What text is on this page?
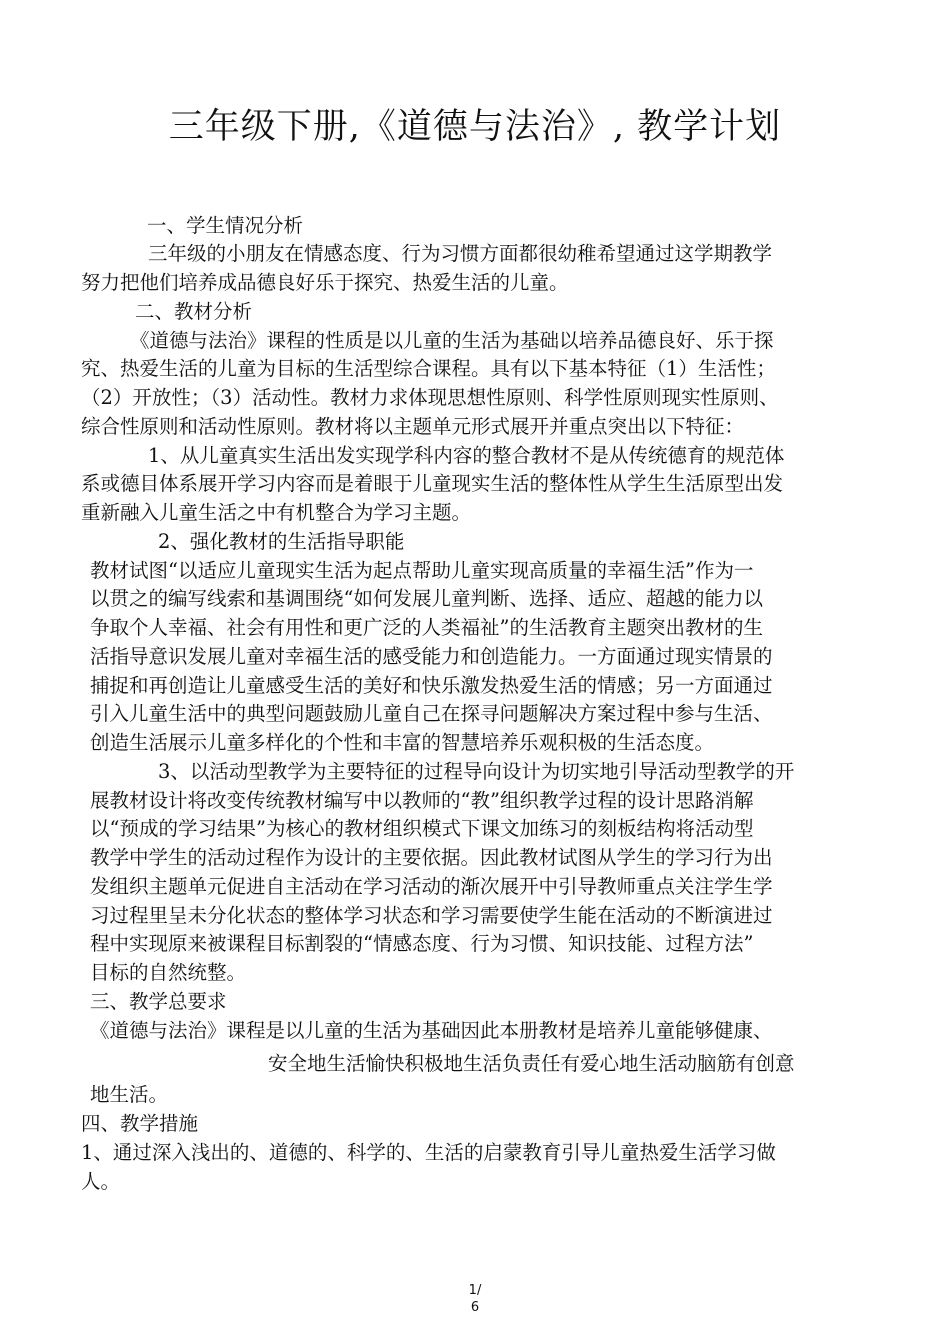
三年级下册,《道德与法治》, 教学计划
一、学生情况分析
三年级的小朋友在情感态度、行为习惯方面都很幼稚希望通过这学期教学
努力把他们培养成品德良好乐于探究、热爱生活的儿童。
二、教材分析
《道德与法治》课程的性质是以儿童的生活为基础以培养品德良好、乐于探
究、热爱生活的儿童为目标的生活型综合课程。具有以下基本特征（1）生活性；
（2）开放性；（3）活动性。教材力求体现思想性原则、科学性原则现实性原则、
综合性原则和活动性原则。教材将以主题单元形式展开并重点突出以下特征：
1、从儿童真实生活出发实现学科内容的整合教材不是从传统德育的规范体
系或德目体系展开学习内容而是着眼于儿童现实生活的整体性从学生生活原型出发
重新融入儿童生活之中有机整合为学习主题。
2、强化教材的生活指导职能
教材试图“以适应儿童现实生活为起点帮助儿童实现高质量的幸福生活”作为一
以贯之的编写线索和基调围绕“如何发展儿童判断、选择、适应、超越的能力以
争取个人幸福、社会有用性和更广泛的人类福祉”的生活教育主题突出教材的生
活指导意识发展儿童对幸福生活的感受能力和创造能力。一方面通过现实情景的
捕捉和再创造让儿童感受生活的美好和快乐激发热爱生活的情感；另一方面通过
引入儿童生活中的典型问题鼓励儿童自己在探寻问题解决方案过程中参与生活、
创造生活展示儿童多样化的个性和丰富的智慧培养乐观积极的生活态度。
3、以活动型教学为主要特征的过程导向设计为切实地引导活动型教学的开
展教材设计将改变传统教材编写中以教师的“教”组织教学过程的设计思路消解
以“预成的学习结果”为核心的教材组织模式下课文加练习的刻板结构将活动型
教学中学生的活动过程作为设计的主要依据。因此教材试图从学生的学习行为出
发组织主题单元促进自主活动在学习活动的渐次展开中引导教师重点关注学生学
习过程里呈未分化状态的整体学习状态和学习需要使学生能在活动的不断演进过
程中实现原来被课程目标割裂的“情感态度、行为习惯、知识技能、过程方法”
目标的自然统整。
三、教学总要求
《道德与法治》课程是以儿童的生活为基础因此本册教材是培养儿童能够健康、
安全地生活愉快积极地生活负责任有爱心地生活动脑筋有创意
地生活。
四、教学措施
1、通过深入浅出的、道德的、科学的、生活的启蒙教育引导儿童热爱生活学习做
人。
1/
6
